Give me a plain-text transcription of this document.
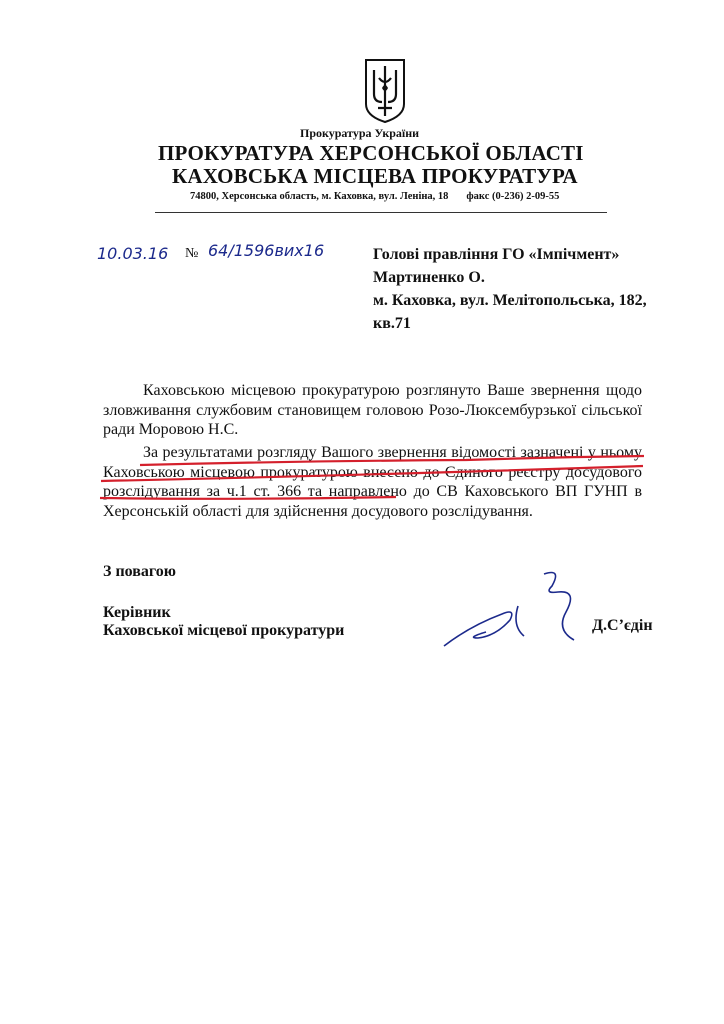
Прокуратура України
ПРОКУРАТУРА ХЕРСОНСЬКОЇ ОБЛАСТІ
КАХОВСЬКА МІСЦЕВА ПРОКУРАТУРА
74800, Херсонська область, м. Каховка, вул. Леніна, 18 факс (0-236) 2-09-55
10.03.16 № 64/1596вих16	Голові правління ГО «Імпічмент»
Мартиненко О.
м. Каховка, вул. Мелітопольська, 182,
кв.71
Каховською місцевою прокуратурою розглянуто Ваше звернення щодо зловживання службовим становищем головою Розо-Люксембурзької сільської ради Моровою Н.С.
За результатами розгляду Вашого звернення відомості зазначені у ньому Каховською місцевою прокуратурою внесено до Єдиного реєстру досудового розслідування за ч.1 ст. 366 та направлено до СВ Каховського ВП ГУНП в Херсонській області для здійснення досудового розслідування.
З повагою
Керівник
Каховської місцевої прокуратури	Д.С’єдін
